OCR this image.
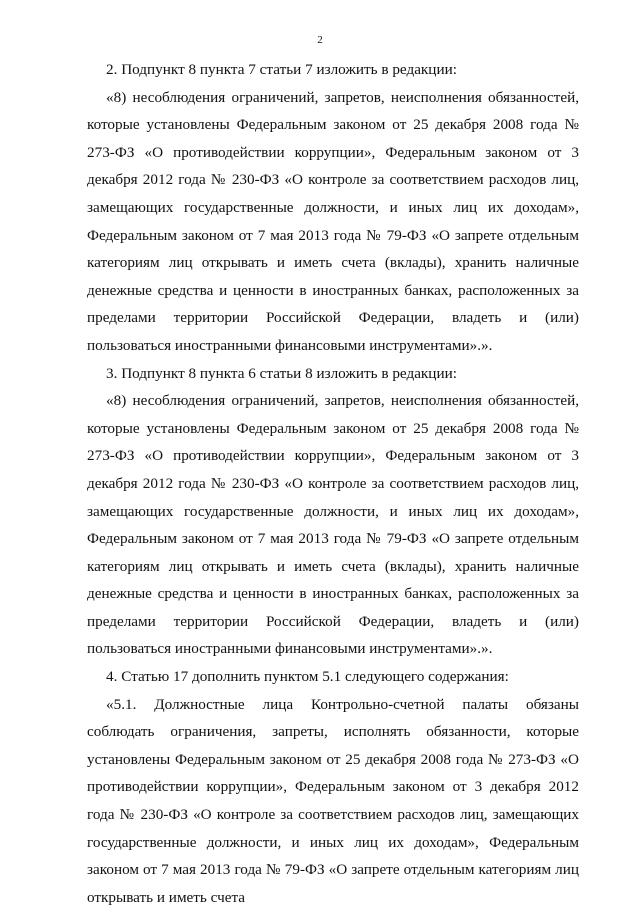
2

2. Подпункт 8 пункта 7 статьи 7 изложить в редакции:

«8) несоблюдения ограничений, запретов, неисполнения обязанностей, которые установлены Федеральным законом от 25 декабря 2008 года № 273-ФЗ «О противодействии коррупции», Федеральным законом от 3 декабря 2012 года № 230-ФЗ «О контроле за соответствием расходов лиц, замещающих государственные должности, и иных лиц их доходам», Федеральным законом от 7 мая 2013 года № 79-ФЗ «О запрете отдельным категориям лиц открывать и иметь счета (вклады), хранить наличные денежные средства и ценности в иностранных банках, расположенных за пределами территории Российской Федерации, владеть и (или) пользоваться иностранными финансовыми инструментами».».

3. Подпункт 8 пункта 6 статьи 8 изложить в редакции:

«8) несоблюдения ограничений, запретов, неисполнения обязанностей, которые установлены Федеральным законом от 25 декабря 2008 года № 273-ФЗ «О противодействии коррупции», Федеральным законом от 3 декабря 2012 года № 230-ФЗ «О контроле за соответствием расходов лиц, замещающих государственные должности, и иных лиц их доходам», Федеральным законом от 7 мая 2013 года № 79-ФЗ «О запрете отдельным категориям лиц открывать и иметь счета (вклады), хранить наличные денежные средства и ценности в иностранных банках, расположенных за пределами территории Российской Федерации, владеть и (или) пользоваться иностранными финансовыми инструментами».».

4. Статью 17 дополнить пунктом 5.1 следующего содержания:

«5.1. Должностные лица Контрольно-счетной палаты обязаны соблюдать ограничения, запреты, исполнять обязанности, которые установлены Федеральным законом от 25 декабря 2008 года № 273-ФЗ «О противодействии коррупции», Федеральным законом от 3 декабря 2012 года № 230-ФЗ «О контроле за соответствием расходов лиц, замещающих государственные должности, и иных лиц их доходам», Федеральным законом от 7 мая 2013 года № 79-ФЗ «О запрете отдельным категориям лиц открывать и иметь счета
